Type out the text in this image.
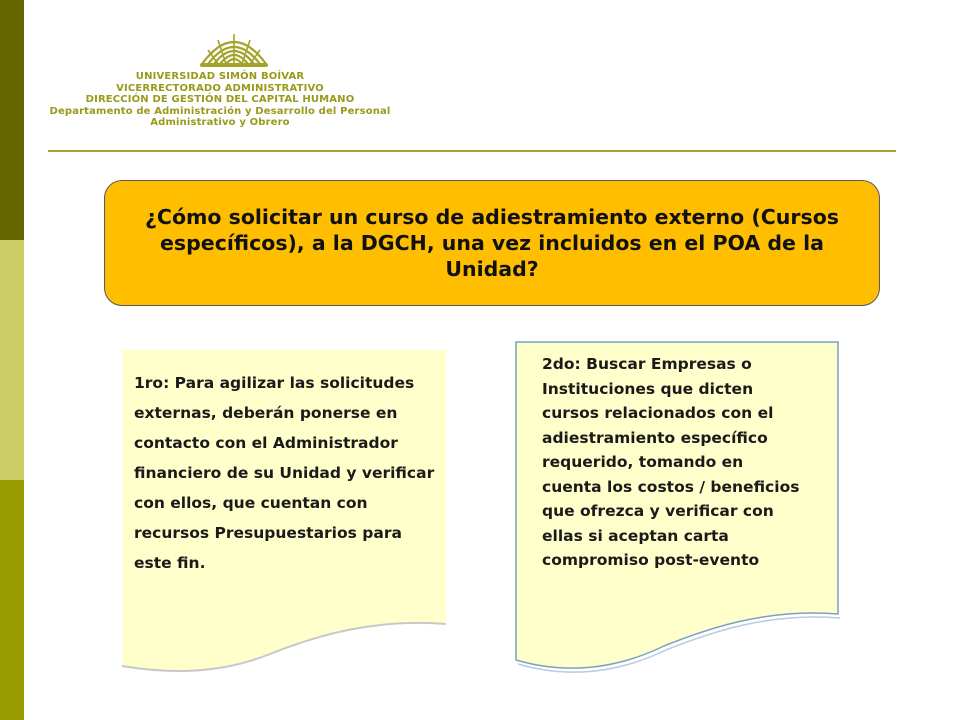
UNIVERSIDAD SIMÓN BOÍVAR
VICERRECTORADO ADMINISTRATIVO
DIRECCIÓN DE GESTIÓN DEL CAPITAL HUMANO
Departamento de Administración y Desarrollo del Personal
Administrativo y Obrero
¿Cómo solicitar un curso de adiestramiento externo (Cursos específicos), a la DGCH, una vez incluidos en el POA de la Unidad?
1ro: Para agilizar las solicitudes externas, deberán ponerse en contacto con el Administrador financiero de su Unidad y verificar con ellos, que cuentan con recursos Presupuestarios para este fin.
2do: Buscar Empresas o Instituciones que dicten cursos relacionados con el adiestramiento específico requerido, tomando en cuenta los costos / beneficios que ofrezca y verificar con ellas si aceptan carta compromiso post-evento
